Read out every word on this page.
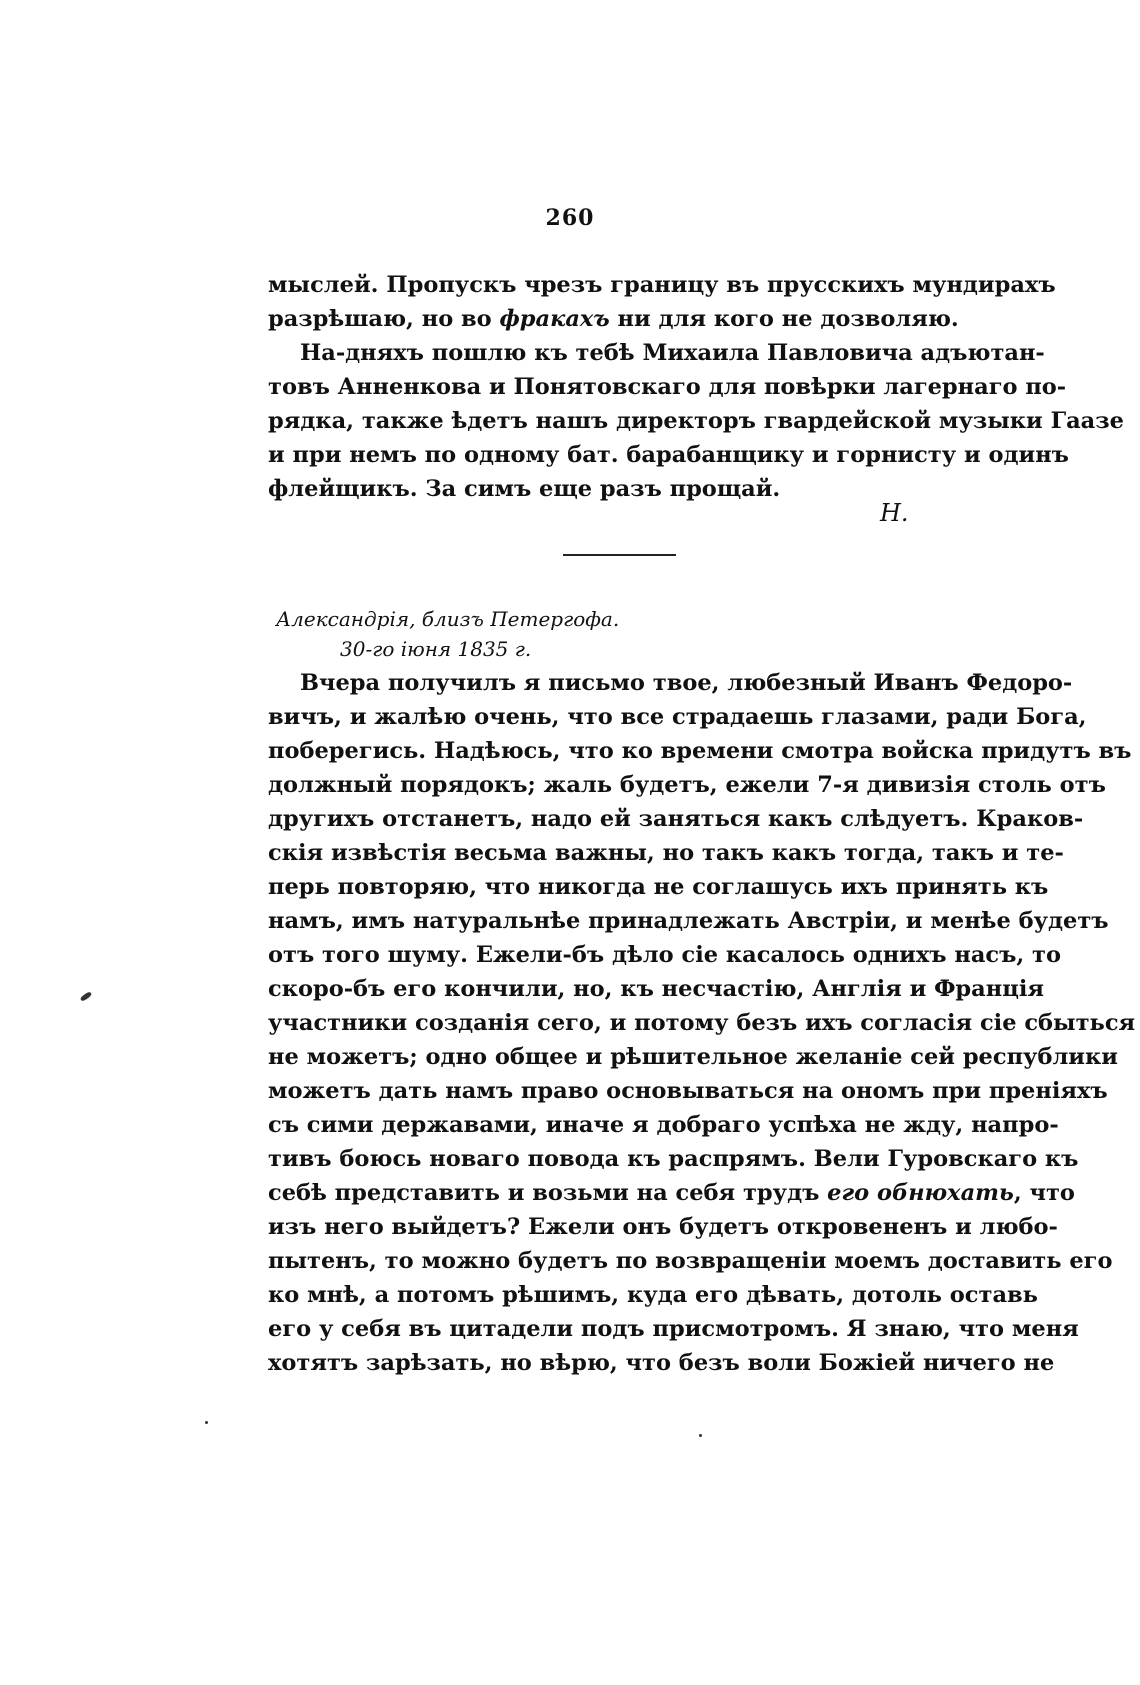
260
мыслей. Пропускъ чрезъ границу въ прусскихъ мундирахъ
разрѣшаю, но во фракахъ ни для кого не дозволяю.
На-дняхъ пошлю къ тебѣ Михаила Павловича адъютан-
товъ Анненкова и Понятовскаго для повѣрки лагернаго по-
рядка, также ѣдетъ нашъ директоръ гвардейской музыки Гаазе
и при немъ по одному бат. барабанщику и горнисту и одинъ
флейщикъ. За симъ еще разъ прощай.
Н.
Александрія, близъ Петергофа.
30-го іюня 1835 г.
Вчера получилъ я письмо твое, любезный Иванъ Федоро-
вичъ, и жалѣю очень, что все страдаешь глазами, ради Бога,
поберегись. Надѣюсь, что ко времени смотра войска придутъ въ
должный порядокъ; жаль будетъ, ежели 7-я дивизія столь отъ
другихъ отстанетъ, надо ей заняться какъ слѣдуетъ. Краков-
скія извѣстія весьма важны, но такъ какъ тогда, такъ и те-
перь повторяю, что никогда не соглашусь ихъ принять къ
намъ, имъ натуральнѣе принадлежать Австріи, и менѣе будетъ
отъ того шуму. Ежели-бъ дѣло сіе касалось однихъ насъ, то
скоро-бъ его кончили, но, къ несчастію, Англія и Францiя
участники созданія сего, и потому безъ ихъ согласія сіе сбыться
не можетъ; одно общее и рѣшительное желаніе сей республики
можетъ дать намъ право основываться на ономъ при преніяхъ
съ сими державами, иначе я добраго успѣха не жду, напро-
тивъ боюсь новаго повода къ распрямъ. Вели Гуровскаго къ
себѣ представить и возьми на себя трудъ его обнюхать, что
изъ него выйдетъ? Ежели онъ будетъ откровененъ и любо-
пытенъ, то можно будетъ по возвращеніи моемъ доставить его
ко мнѣ, а потомъ рѣшимъ, куда его дѣвать, дотоль оставь
его у себя въ цитадели подъ присмотромъ. Я знаю, что меня
хотятъ зарѣзать, но вѣрю, что безъ воли Божіей ничего не
